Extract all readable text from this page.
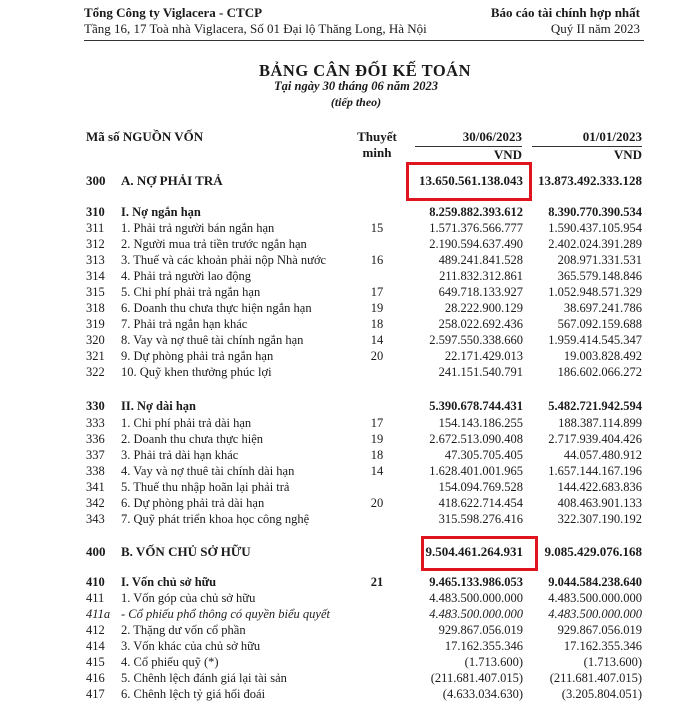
Tổng Công ty Viglacera - CTCP
Tầng 16, 17 Toà nhà Viglacera, Số 01 Đại lộ Thăng Long, Hà Nội
Báo cáo tài chính hợp nhất
Quý II năm 2023
BẢNG CÂN ĐỐI KẾ TOÁN
Tại ngày 30 tháng 06 năm 2023
(tiếp theo)
Mã số NGUỒN VỐN	Thuyết
minh
30/06/2023	01/01/2023
VND	VND
300 A. NỢ PHẢI TRẢ	13.650.561.138.043 13.873.492.333.128
310 I. Nợ ngắn hạn	8.259.882.393.612 8.390.770.390.534
311 1. Phải trả người bán ngắn hạn	15	1.571.376.566.777 1.590.437.105.954
312 2. Người mua trả tiền trước ngắn hạn	2.190.594.637.490 2.402.024.391.289
313 3. Thuế và các khoản phải nộp Nhà nước	16	489.241.841.528	208.971.331.531
314 4. Phải trả người lao động	211.832.312.861	365.579.148.846
315 5. Chi phí phải trả ngắn hạn	17	649.718.133.927 1.052.948.571.329
318 6. Doanh thu chưa thực hiện ngắn hạn	19	28.222.900.129	38.697.241.786
319 7. Phải trả ngắn hạn khác	18	258.022.692.436	567.092.159.688
320 8. Vay và nợ thuê tài chính ngắn hạn	14	2.597.550.338.660 1.959.414.545.347
321 9. Dự phòng phải trả ngắn hạn	20	22.171.429.013	19.003.828.492
322 10. Quỹ khen thưởng phúc lợi	241.151.540.791	186.602.066.272
330 II. Nợ dài hạn	5.390.678.744.431 5.482.721.942.594
333 1. Chi phí phải trả dài hạn	17	154.143.186.255	188.387.114.899
336 2. Doanh thu chưa thực hiện	19	2.672.513.090.408 2.717.939.404.426
337 3. Phải trả dài hạn khác	18	47.305.705.405	44.057.480.912
338 4. Vay và nợ thuê tài chính dài hạn	14	1.628.401.001.965 1.657.144.167.196
341 5. Thuế thu nhập hoãn lại phải trả	154.094.769.528	144.422.683.836
342 6. Dự phòng phải trả dài hạn	20	418.622.714.454	408.463.901.133
343 7. Quỹ phát triển khoa học công nghệ	315.598.276.416	322.307.190.192
400 B. VỐN CHỦ SỞ HỮU	9.504.461.264.931 9.085.429.076.168
410 I. Vốn chủ sở hữu	21	9.465.133.986.053 9.044.584.238.640
411 1. Vốn góp của chủ sở hữu	4.483.500.000.000 4.483.500.000.000
411a - Cổ phiếu phổ thông có quyền biểu quyết	4.483.500.000.000 4.483.500.000.000
412 2. Thặng dư vốn cổ phần	929.867.056.019	929.867.056.019
414 3. Vốn khác của chủ sở hữu	17.162.355.346	17.162.355.346
415 4. Cổ phiếu quỹ (*)	(1.713.600)	(1.713.600)
416 5. Chênh lệch đánh giá lại tài sản	(211.681.407.015) (211.681.407.015)
417 6. Chênh lệch tỷ giá hối đoái	(4.633.034.630)	(3.205.804.051)
